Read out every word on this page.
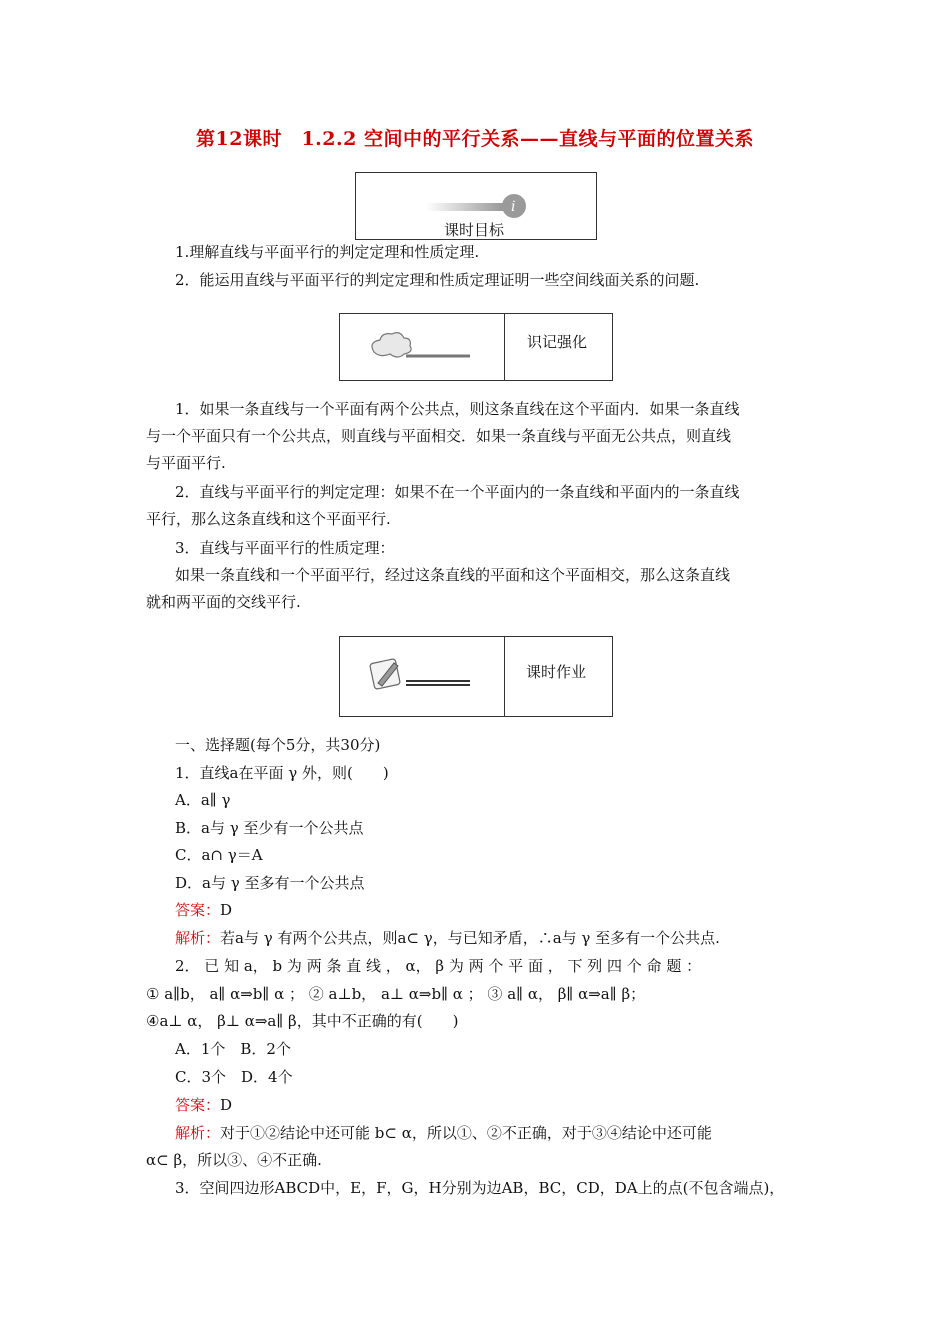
第12课时　1.2.2 空间中的平行关系——直线与平面的位置关系
i
课时目标
1.理解直线与平面平行的判定定理和性质定理.
2．能运用直线与平面平行的判定定理和性质定理证明一些空间线面关系的问题.
识记强化
1．如果一条直线与一个平面有两个公共点，则这条直线在这个平面内．如果一条直线
与一个平面只有一个公共点，则直线与平面相交．如果一条直线与平面无公共点，则直线
与平面平行.
2．直线与平面平行的判定定理：如果不在一个平面内的一条直线和平面内的一条直线
平行，那么这条直线和这个平面平行.
3．直线与平面平行的性质定理：
如果一条直线和一个平面平行，经过这条直线的平面和这个平面相交，那么这条直线
就和两平面的交线平行.
课时作业
一、选择题(每个5分，共30分)
1．直线a在平面 γ 外，则(　　)
A．a∥ γ
B．a与 γ 至少有一个公共点
C．a∩ γ＝A
D．a与 γ 至多有一个公共点
答案：D
解析：若a与 γ 有两个公共点，则a⊂ γ，与已知矛盾，∴a与 γ 至多有一个公共点.
2． 已 知 a， b 为 两 条 直 线 ， α， β 为 两 个 平 面 ， 下 列 四 个 命 题 ：
① a∥b， a∥ α⇒b∥ α ； ② a⊥b， a⊥ α⇒b∥ α ； ③ a∥ α， β∥ α⇒a∥ β；
④a⊥ α， β⊥ α⇒a∥ β，其中不正确的有(　　)
A．1个　B．2个
C．3个　D．4个
答案：D
解析：对于①②结论中还可能 b⊂ α，所以①、②不正确，对于③④结论中还可能
α⊂ β，所以③、④不正确.
3．空间四边形ABCD中，E，F，G，H分别为边AB，BC，CD，DA上的点(不包含端点)，
